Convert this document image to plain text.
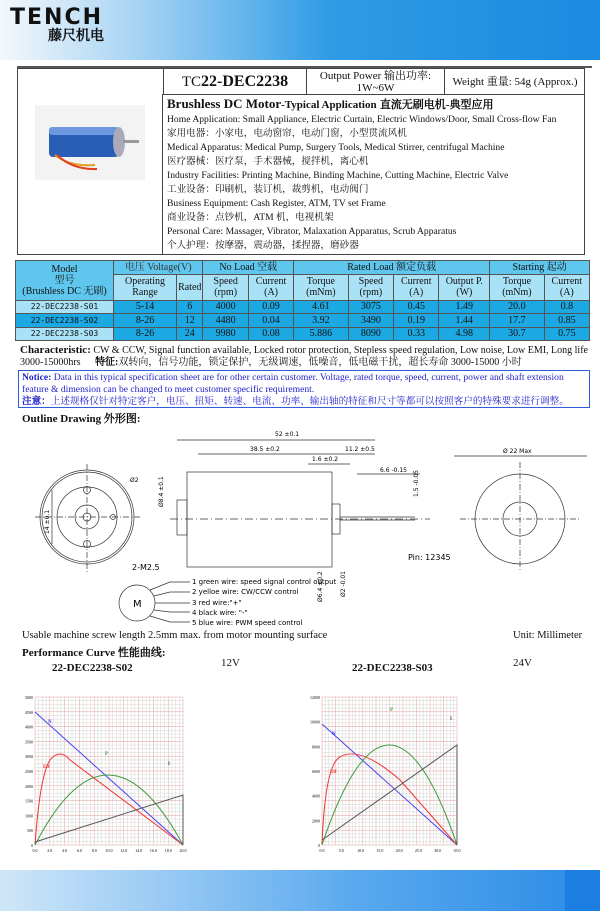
TENCH
藤尺机电
TC22-DEC2238	Output Power 输出功率:
1W~6W	Weight 重量: 54g (Approx.)
Brushless DC Motor-Typical Application 直流无刷电机-典型应用
Home Application: Small Appliance, Electric Curtain, Electric Windows/Door, Small Cross-flow Fan
家用电器：小家电，电动窗帘，电动门窗，小型贯流风机
Medical Apparatus: Medical Pump, Surgery Tools, Medical Stirrer, centrifugal Machine
医疗器械：医疗泵，手术器械，搅拌机，离心机
Industry Facilities: Printing Machine, Binding Machine, Cutting Machine, Electric Valve
工业设备：印刷机，装订机，裁剪机，电动阀门
Business Equipment: Cash Register, ATM, TV set Frame
商业设备：点钞机，ATM 机，电视机架
Personal Care: Massager, Vibrator, Malaxation Apparatus, Scrub Apparatus
个人护理：按摩器，震动器，揉捏器，磨砂器
Model
型号
(Brushless DC 无刷)	电压 Voltage(V)		No Load 空载		Rated Load 额定负载				Starting 起动	
	Operating Range	Rated	Speed (rpm)	Current (A)	Torque (mNm)	Speed (rpm)	Current (A)	Output P. (W)	Torque (mNm)	Current (A)
22-DEC2238-S01	5-14	6	4000	0.09	4.61	3075	0.45	1.49	20.0	0.8
22-DEC2238-S02	8-26	12	4480	0.04	3.92	3490	0.19	1.44	17.7	0.85
22-DEC2238-S03	8-26	24	9980	0.08	5.886	8090	0.33	4.98	30.7	0.75
Characteristic: CW & CCW, Signal function available, Locked rotor protection, Stepless speed regulation, Low noise, Low EMI, Long life 3000-15000hrs 特征:双转向，信号功能，锁定保护，无级调速，低噪音，低电磁干扰，超长寿命 3000-15000 小时
Notice: Data in this typical specification sheet are for other certain customer. Voltage, rated torque, speed, current, power and shaft extension feature & dimension can be changed to meet customer specific requirement.
注意：上述规格仅针对特定客户，电压、扭矩、转速、电流、功率、输出轴的特征和尺寸等都可以按照客户的特殊要求进行调整。
Outline Drawing 外形图:
52 ±0.1
38.5 ±0.2	11.2 ±0.5
1.6 ±0.2
6.6 -0.15
Ø 22 Max
Ø8.4 ±0.1
14 ±0.1
Ø2
2-M2.5
1.5 -0.05
Ø6.4 ±0.2	Ø2 -0.01
Pin: 12345
M
1 green wire: speed signal control output
2 yelloe wire: CW/CCW control
3 red wire:"+"
4 black wire: "-"
5 blue wire: PWM speed control
Usable machine screw length 2.5mm max. from motor mounting surface	Unit: Millimeter
Performance Curve 性能曲线:
22-DEC2238-S02	12V	22-DEC2238-S03	24V
0
500
1000
1500
2000
2500
3000
3500
4000
4500
5000
0.0 2.0 4.0 6.0 8.0 10.0 12.0 14.0 16.0 18.0 20.0
N
P
Eff
I
0
2000
4000
6000
8000
10000
12000
0.0	5.0	10.0	15.0	20.0	25.0	30.0	35.0
N
P
Eff
I
